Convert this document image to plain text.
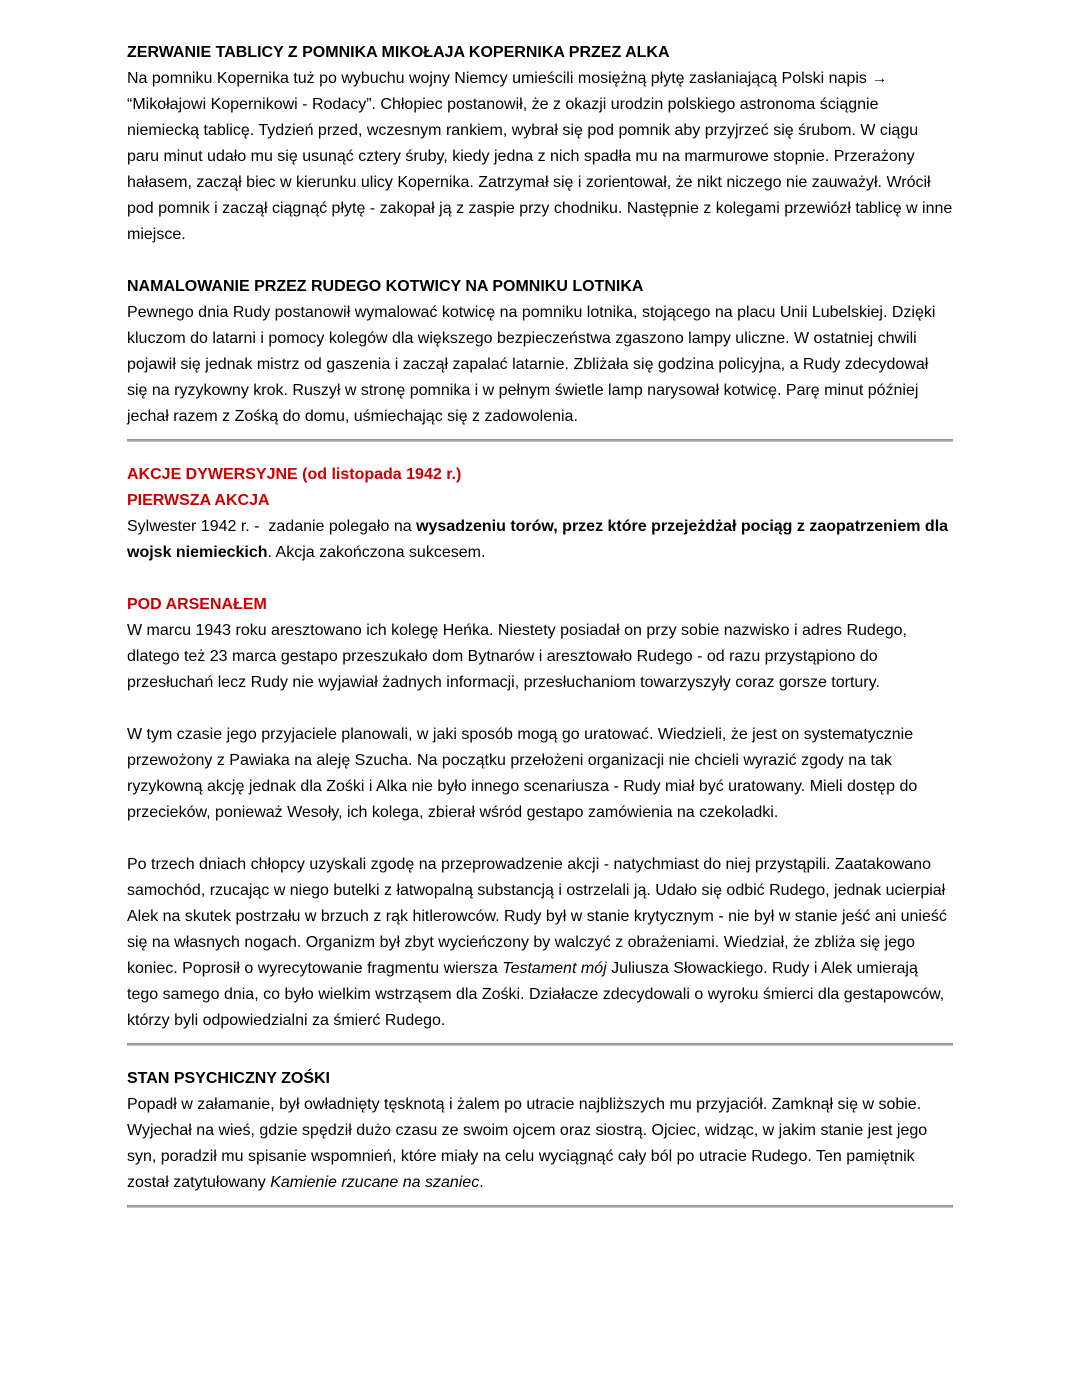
ZERWANIE TABLICY Z POMNIKA MIKOŁAJA KOPERNIKA PRZEZ ALKA

Na pomniku Kopernika tuż po wybuchu wojny Niemcy umieścili mosiężną płytę zasłaniającą Polski napis → “Mikołajowi Kopernikowi - Rodacy”. Chłopiec postanowił, że z okazji urodzin polskiego astronoma ściągnie niemiecką tablicę. Tydzień przed, wczesnym rankiem, wybrał się pod pomnik aby przyjrzeć się śrubom. W ciągu paru minut udało mu się usunąć cztery śruby, kiedy jedna z nich spadła mu na marmurowe stopnie. Przerażony hałasem, zaczął biec w kierunku ulicy Kopernika. Zatrzymał się i zorientował, że nikt niczego nie zauważył. Wrócił pod pomnik i zaczął ciągnąć płytę - zakopał ją z zaspie przy chodniku. Następnie z kolegami przewiózł tablicę w inne miejsce.

NAMALOWANIE PRZEZ RUDEGO KOTWICY NA POMNIKU LOTNIKA

Pewnego dnia Rudy postanowił wymalować kotwicę na pomniku lotnika, stojącego na placu Unii Lubelskiej. Dzięki kluczom do latarni i pomocy kolegów dla większego bezpieczeństwa zgaszono lampy uliczne. W ostatniej chwili pojawił się jednak mistrz od gaszenia i zaczął zapalać latarnie. Zbliżała się godzina policyjna, a Rudy zdecydował się na ryzykowny krok. Ruszył w stronę pomnika i w pełnym świetle lamp narysował kotwicę. Parę minut później jechał razem z Zośką do domu, uśmiechając się z zadowolenia.

AKCJE DYWERSYJNE (od listopada 1942 r.)
PIERWSZA AKCJA

Sylwester 1942 r. -  zadanie polegało na wysadzeniu torów, przez które przejeżdżał pociąg z zaopatrzeniem dla wojsk niemieckich. Akcja zakończona sukcesem.

POD ARSENAŁEM

W marcu 1943 roku aresztowano ich kolegę Heńka. Niestety posiadał on przy sobie nazwisko i adres Rudego, dlatego też 23 marca gestapo przeszukało dom Bytnarów i aresztowało Rudego - od razu przystąpiono do przesłuchań lecz Rudy nie wyjawiał żadnych informacji, przesłuchaniom towarzyszyły coraz gorsze tortury.

W tym czasie jego przyjaciele planowali, w jaki sposób mogą go uratować. Wiedzieli, że jest on systematycznie przewożony z Pawiaka na aleję Szucha. Na początku przełożeni organizacji nie chcieli wyrazić zgody na tak ryzykowną akcję jednak dla Zośki i Alka nie było innego scenariusza - Rudy miał być uratowany. Mieli dostęp do przecieków, ponieważ Wesoły, ich kolega, zbierał wśród gestapo zamówienia na czekoladki.

Po trzech dniach chłopcy uzyskali zgodę na przeprowadzenie akcji - natychmiast do niej przystąpili. Zaatakowano samochód, rzucając w niego butelki z łatwopalną substancją i ostrzelali ją. Udało się odbić Rudego, jednak ucierpiał Alek na skutek postrzału w brzuch z rąk hitlerowców. Rudy był w stanie krytycznym - nie był w stanie jeść ani unieść się na własnych nogach. Organizm był zbyt wycieńczony by walczyć z obrażeniami. Wiedział, że zbliża się jego koniec. Poprosił o wyrecytowanie fragmentu wiersza Testament mój Juliusza Słowackiego. Rudy i Alek umierają tego samego dnia, co było wielkim wstrząsem dla Zośki. Działacze zdecydowali o wyroku śmierci dla gestapowców, którzy byli odpowiedzialni za śmierć Rudego.

STAN PSYCHICZNY ZOŚKI

Popadł w załamanie, był owładnięty tęsknotą i żalem po utracie najbliższych mu przyjaciół. Zamknął się w sobie. Wyjechał na wieś, gdzie spędził dużo czasu ze swoim ojcem oraz siostrą. Ojciec, widząc, w jakim stanie jest jego syn, poradził mu spisanie wspomnień, które miały na celu wyciągnąć cały ból po utracie Rudego. Ten pamiętnik został zatytułowany Kamienie rzucane na szaniec.
